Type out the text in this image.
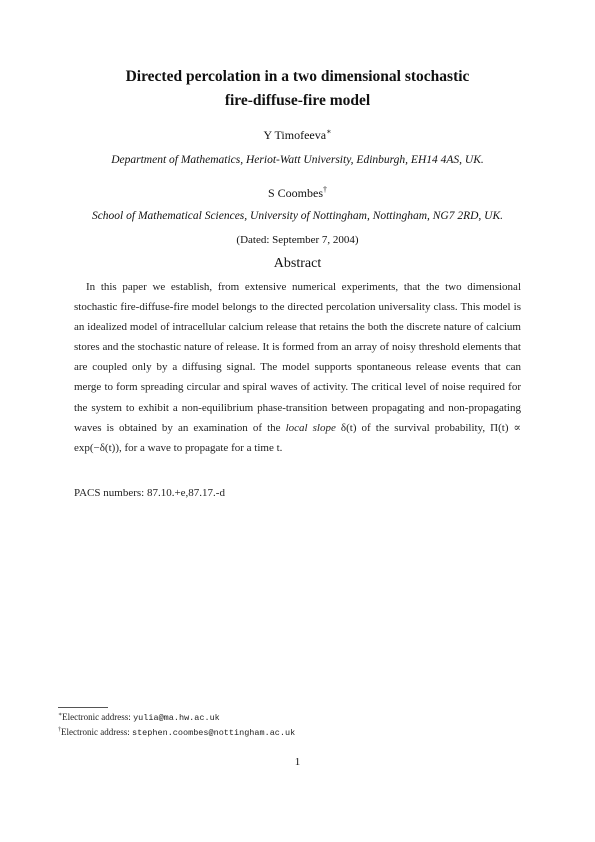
Directed percolation in a two dimensional stochastic
fire-diffuse-fire model
Y Timofeeva∗
Department of Mathematics, Heriot-Watt University, Edinburgh, EH14 4AS, UK.
S Coombes†
School of Mathematical Sciences, University of Nottingham, Nottingham, NG7 2RD, UK.
(Dated: September 7, 2004)
Abstract
In this paper we establish, from extensive numerical experiments, that the two dimensional stochastic fire-diffuse-fire model belongs to the directed percolation universality class. This model is an idealized model of intracellular calcium release that retains the both the discrete nature of calcium stores and the stochastic nature of release. It is formed from an array of noisy threshold elements that are coupled only by a diffusing signal. The model supports spontaneous release events that can merge to form spreading circular and spiral waves of activity. The critical level of noise required for the system to exhibit a non-equilibrium phase-transition between propagating and non-propagating waves is obtained by an examination of the local slope δ(t) of the survival probability, Π(t) ∝ exp(−δ(t)), for a wave to propagate for a time t.
PACS numbers: 87.10.+e,87.17.-d
∗Electronic address: yulia@ma.hw.ac.uk
†Electronic address: stephen.coombes@nottingham.ac.uk
1
